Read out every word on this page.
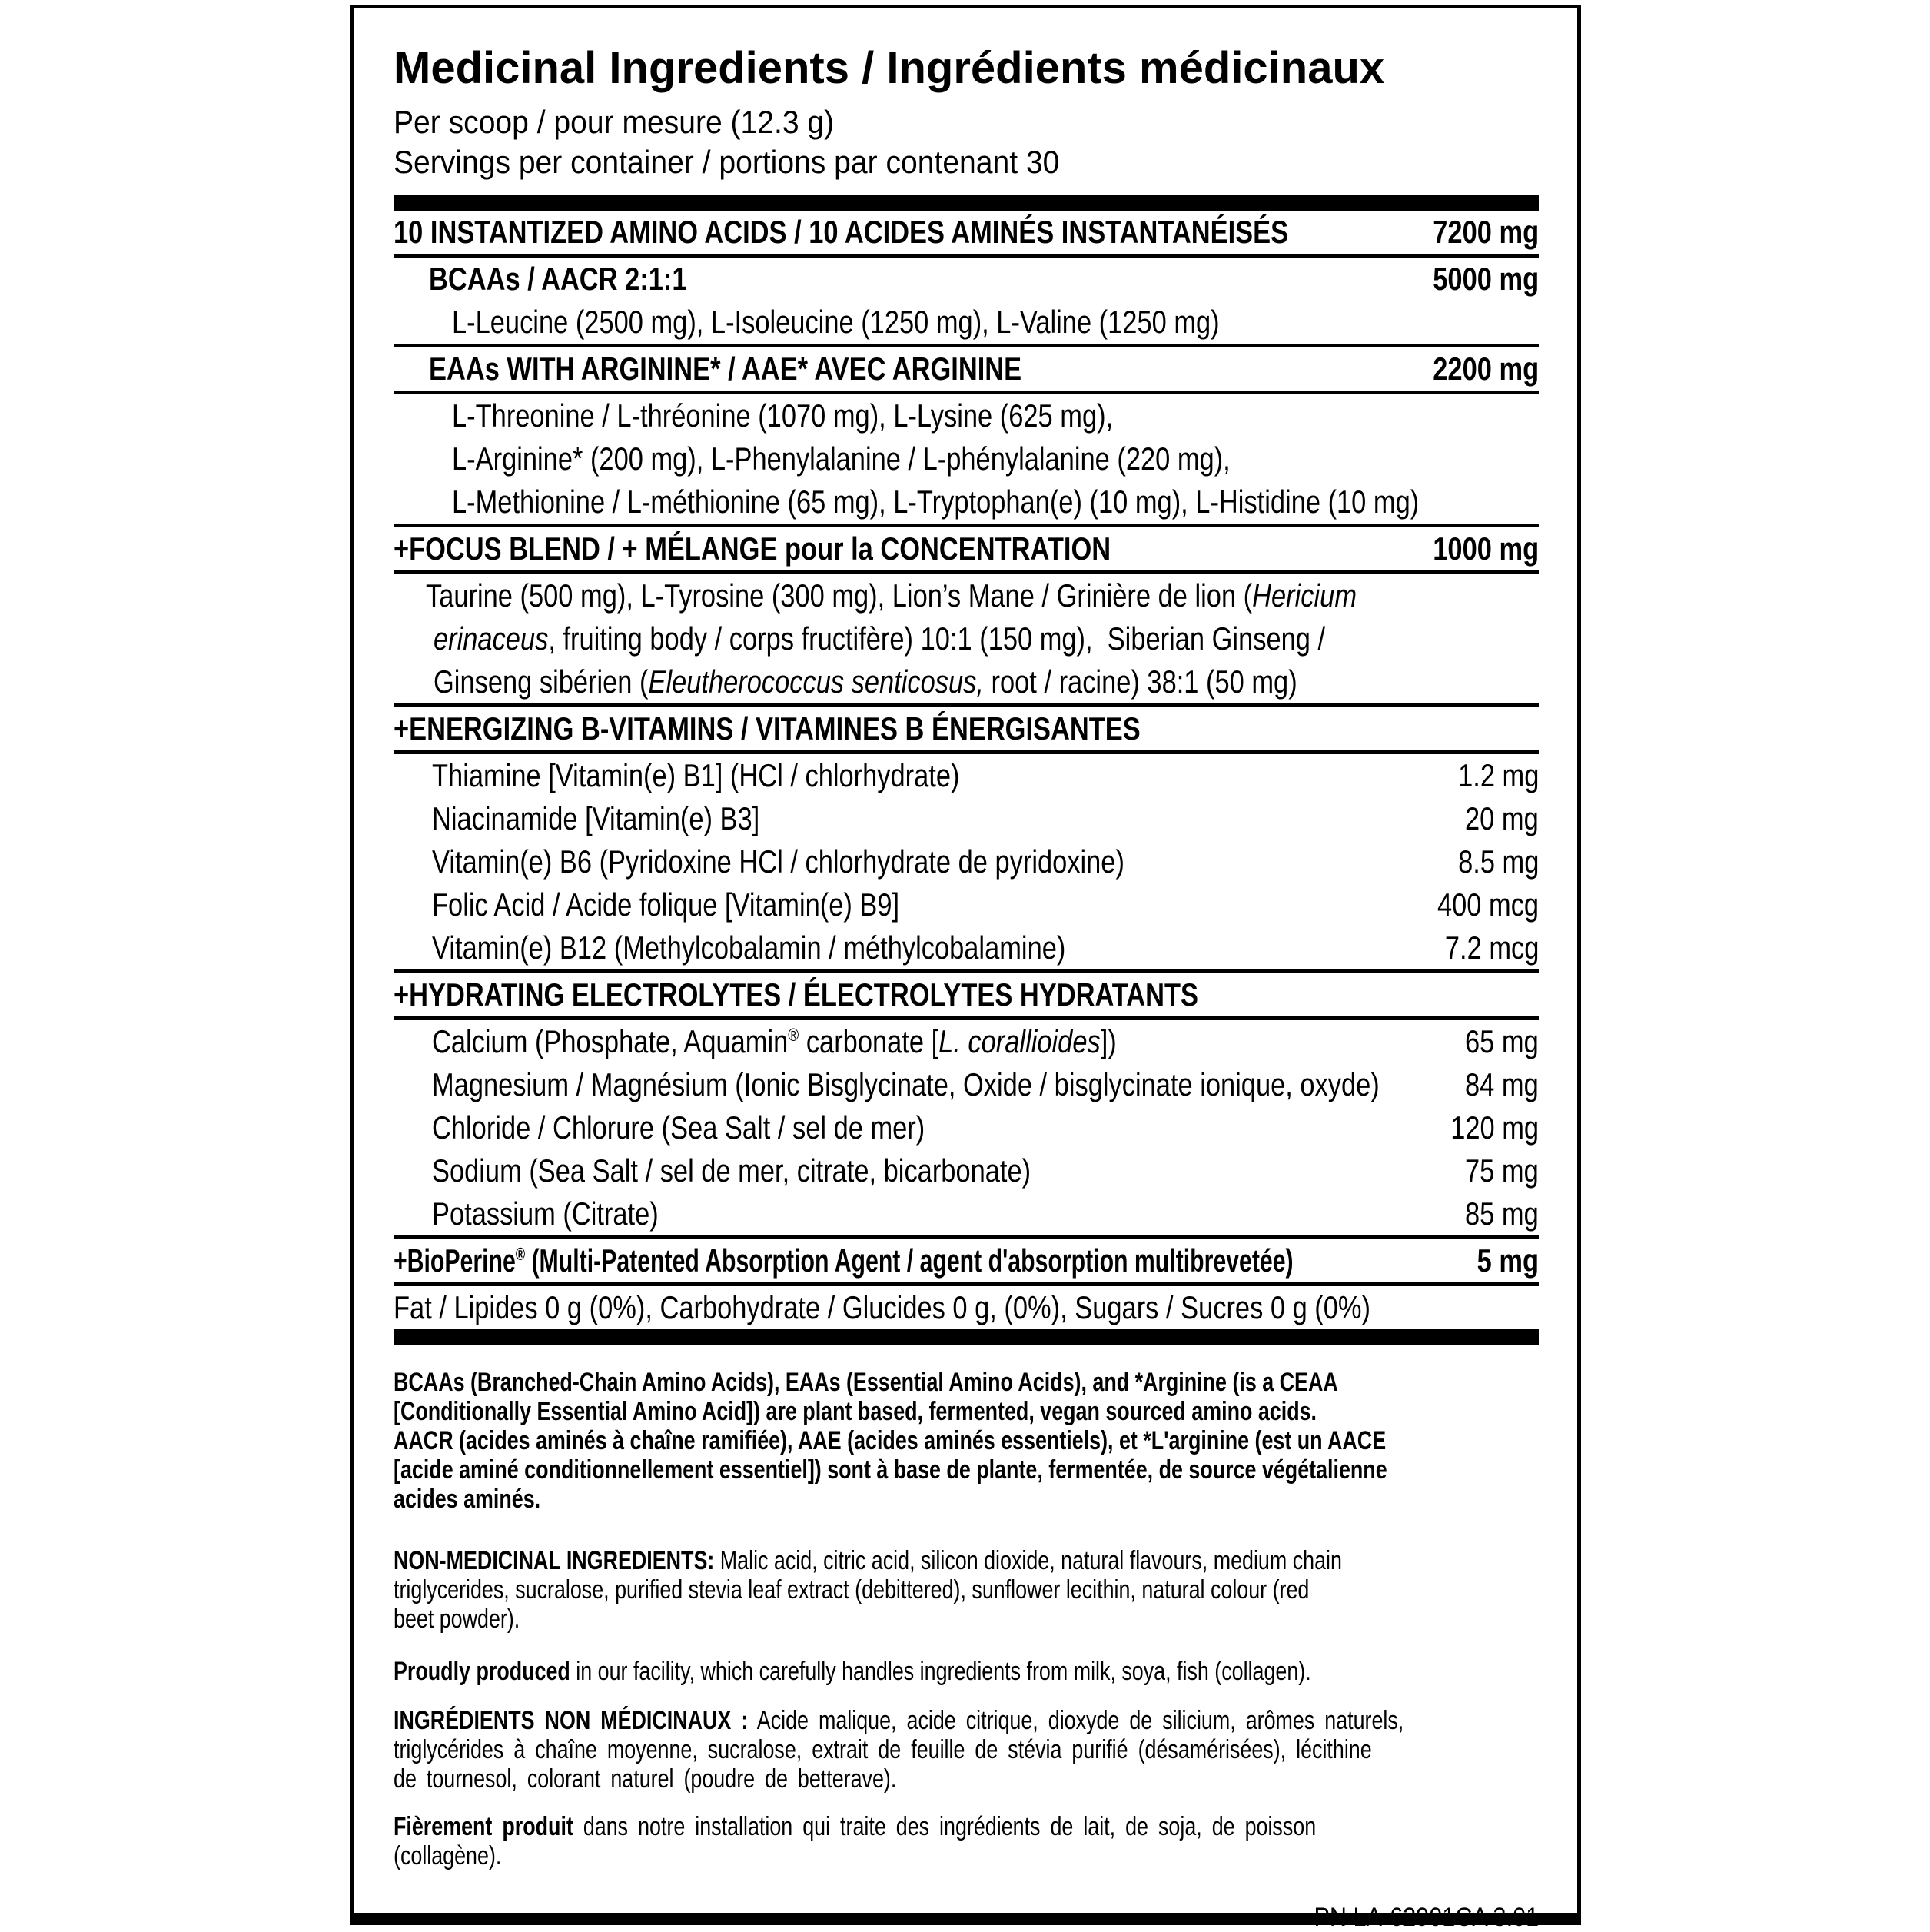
Medicinal Ingredients / Ingrédients médicinaux
Per scoop / pour mesure (12.3 g)
Servings per container / portions par contenant 30
10 INSTANTIZED AMINO ACIDS / 10 ACIDES AMINÉS INSTANTANÉISÉS	7200 mg
BCAAs / AACR 2:1:1	5000 mg
L-Leucine (2500 mg), L-Isoleucine (1250 mg), L-Valine (1250 mg)
EAAs WITH ARGININE* / AAE* AVEC ARGININE	2200 mg
L-Threonine / L-thréonine (1070 mg), L-Lysine (625 mg),
L-Arginine* (200 mg), L-Phenylalanine / L-phénylalanine (220 mg),
L-Methionine / L-méthionine (65 mg), L-Tryptophan(e) (10 mg), L-Histidine (10 mg)
+FOCUS BLEND / + MÉLANGE pour la CONCENTRATION	1000 mg
Taurine (500 mg), L-Tyrosine (300 mg), Lion’s Mane / Grinière de lion (Hericium
erinaceus, fruiting body / corps fructifère) 10:1 (150 mg),  Siberian Ginseng /
Ginseng sibérien (Eleutherococcus senticosus, root / racine) 38:1 (50 mg)
+ENERGIZING B-VITAMINS / VITAMINES B ÉNERGISANTES
Thiamine [Vitamin(e) B1] (HCl / chlorhydrate)	1.2 mg
Niacinamide [Vitamin(e) B3]	20 mg
Vitamin(e) B6 (Pyridoxine HCl / chlorhydrate de pyridoxine)	8.5 mg
Folic Acid / Acide folique [Vitamin(e) B9]	400 mcg
Vitamin(e) B12 (Methylcobalamin / méthylcobalamine)	7.2 mcg
+HYDRATING ELECTROLYTES / ÉLECTROLYTES HYDRATANTS
Calcium (Phosphate, Aquamin® carbonate [L. corallioides])	65 mg
Magnesium / Magnésium (Ionic Bisglycinate, Oxide / bisglycinate ionique, oxyde)	84 mg
Chloride / Chlorure (Sea Salt / sel de mer)	120 mg
Sodium (Sea Salt / sel de mer, citrate, bicarbonate)	75 mg
Potassium (Citrate)	85 mg
+BioPerine® (Multi-Patented Absorption Agent / agent d'absorption multibrevetée)	5 mg
Fat / Lipides 0 g (0%), Carbohydrate / Glucides 0 g, (0%), Sugars / Sucres 0 g (0%)
BCAAs (Branched-Chain Amino Acids), EAAs (Essential Amino Acids), and *Arginine (is a CEAA
[Conditionally Essential Amino Acid]) are plant based, fermented, vegan sourced amino acids.
AACR (acides aminés à chaîne ramifiée), AAE (acides aminés essentiels), et *L'arginine (est un AACE
[acide aminé conditionnellement essentiel]) sont à base de plante, fermentée, de source végétalienne
acides aminés.
NON-MEDICINAL INGREDIENTS: Malic acid, citric acid, silicon dioxide, natural flavours, medium chain
triglycerides, sucralose, purified stevia leaf extract (debittered), sunflower lecithin, natural colour (red
beet powder).
Proudly produced in our facility, which carefully handles ingredients from milk, soya, fish (collagen).
INGRÉDIENTS NON MÉDICINAUX : Acide malique, acide citrique, dioxyde de silicium, arômes naturels,
triglycérides à chaîne moyenne, sucralose, extrait de feuille de stévia purifié (désamérisées), lécithine
de tournesol, colorant naturel (poudre de betterave).
Fièrement produit dans notre installation qui traite des ingrédients de lait, de soja, de poisson
(collagène).
PN LA-62901CA 3.01
